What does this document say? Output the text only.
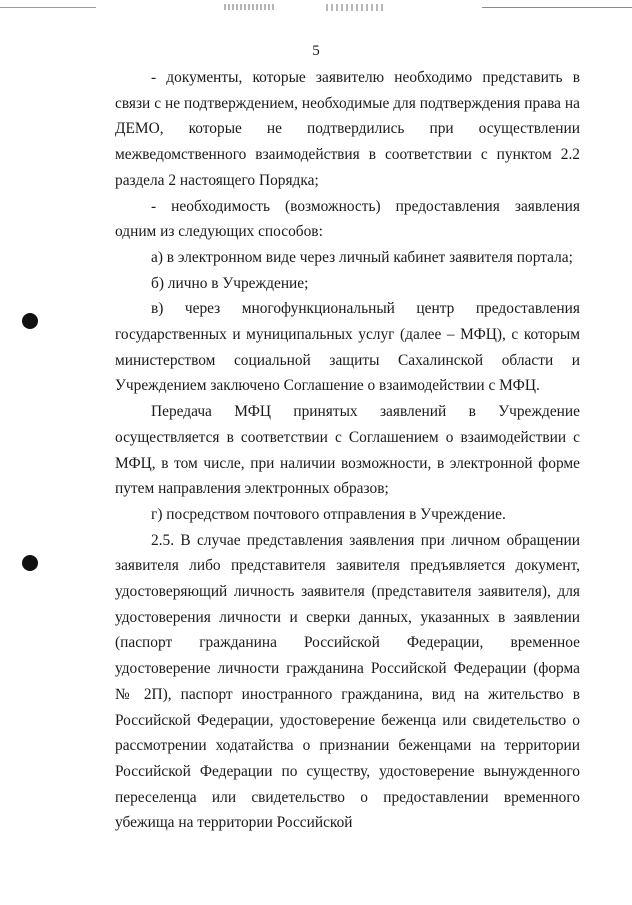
5

- документы, которые заявителю необходимо представить в связи с не подтверждением, необходимые для подтверждения права на ДЕМО, которые не подтвердились при осуществлении межведомственного взаимодействия в соответствии с пунктом 2.2 раздела 2 настоящего Порядка;

- необходимость (возможность) предоставления заявления одним из следующих способов:

а) в электронном виде через личный кабинет заявителя портала;

б) лично в Учреждение;

в) через многофункциональный центр предоставления государственных и муниципальных услуг (далее – МФЦ), с которым министерством социальной защиты Сахалинской области и Учреждением заключено Соглашение о взаимодействии с МФЦ.

Передача МФЦ принятых заявлений в Учреждение осуществляется в соответствии с Соглашением о взаимодействии с МФЦ, в том числе, при наличии возможности, в электронной форме путем направления электронных образов;

г) посредством почтового отправления в Учреждение.

2.5. В случае представления заявления при личном обращении заявителя либо представителя заявителя предъявляется документ, удостоверяющий личность заявителя (представителя заявителя), для удостоверения личности и сверки данных, указанных в заявлении (паспорт гражданина Российской Федерации, временное удостоверение личности гражданина Российской Федерации (форма № 2П), паспорт иностранного гражданина, вид на жительство в Российской Федерации, удостоверение беженца или свидетельство о рассмотрении ходатайства о признании беженцами на территории Российской Федерации по существу, удостоверение вынужденного переселенца или свидетельство о предоставлении временного убежища на территории Российской
